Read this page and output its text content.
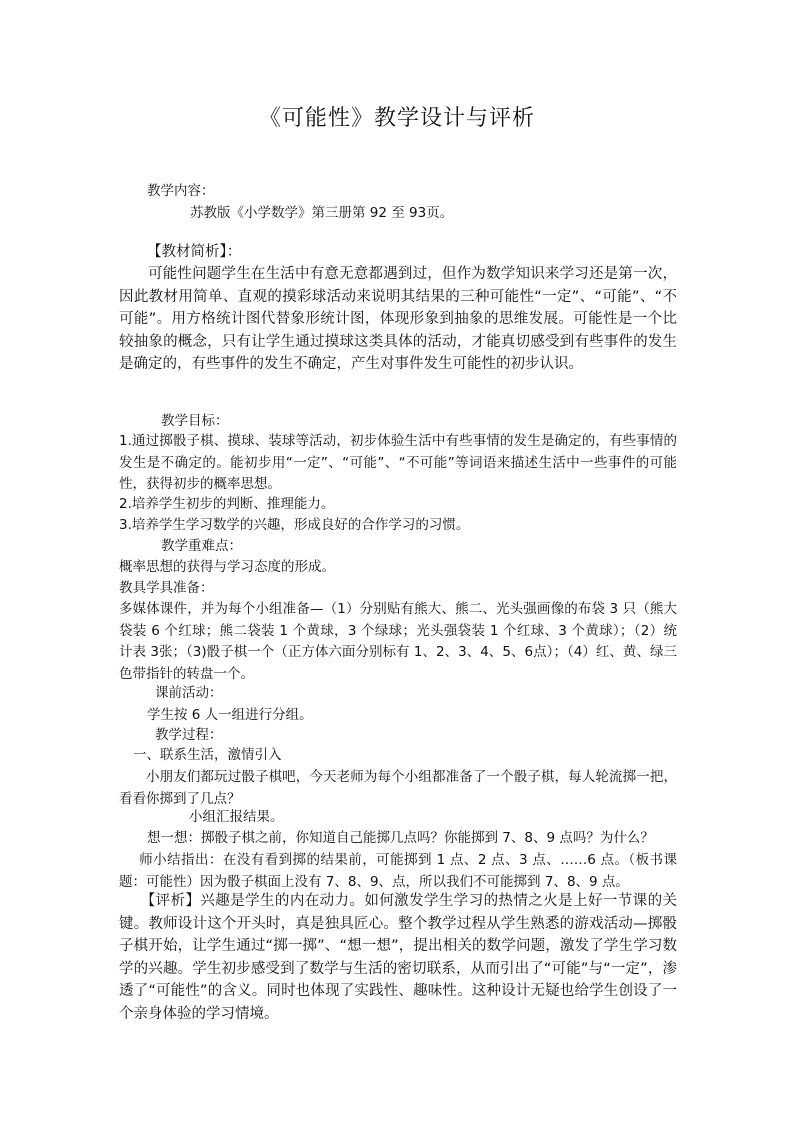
《可能性》教学设计与评析
教学内容：
苏教版《小学数学》第三册第 92 至 93页。
【教材简析】：
可能性问题学生在生活中有意无意都遇到过，但作为数学知识来学习还是第一次，因此教材用简单、直观的摸彩球活动来说明其结果的三种可能性“一定”、“可能”、“不可能”。用方格统计图代替象形统计图，体现形象到抽象的思维发展。可能性是一个比较抽象的概念，只有让学生通过摸球这类具体的活动，才能真切感受到有些事件的发生是确定的，有些事件的发生不确定，产生对事件发生可能性的初步认识。
教学目标：
1.通过掷骰子棋、摸球、装球等活动，初步体验生活中有些事情的发生是确定的，有些事情的发生是不确定的。能初步用“一定”、“可能”、“不可能”等词语来描述生活中一些事件的可能性，获得初步的概率思想。
2.培养学生初步的判断、推理能力。
3.培养学生学习数学的兴趣，形成良好的合作学习的习惯。
教学重难点：
概率思想的获得与学习态度的形成。
教具学具准备：
多媒体课件，并为每个小组准备—（1）分别贴有熊大、熊二、光头强画像的布袋 3 只（熊大袋装 6 个红球；熊二袋装 1 个黄球，3 个绿球；光头强袋装 1 个红球、3 个黄球）；（2）统计表 3张；（3)骰子棋一个（正方体六面分别标有 1、2、3、4、5、6点）；（4）红、黄、绿三色带指针的转盘一个。
课前活动：
学生按 6 人一组进行分组。
教学过程：
一、联系生活，激情引入
小朋友们都玩过骰子棋吧，今天老师为每个小组都准备了一个骰子棋，每人轮流掷一把，看看你掷到了几点？
小组汇报结果。
想一想：掷骰子棋之前，你知道自己能掷几点吗？你能掷到 7、8、9 点吗？为什么？
师小结指出：在没有看到掷的结果前，可能掷到 1 点、2 点、3 点、……6 点。（板书课题：可能性）因为骰子棋面上没有 7、8、9、点，所以我们不可能掷到 7、8、9 点。
【评析】兴趣是学生的内在动力。如何激发学生学习的热情之火是上好一节课的关键。教师设计这个开头时，真是独具匠心。整个教学过程从学生熟悉的游戏活动—掷骰子棋开始，让学生通过“掷一掷”、“想一想”，提出相关的数学问题，激发了学生学习数学的兴趣。学生初步感受到了数学与生活的密切联系，从而引出了“可能”与“一定”，渗透了“可能性”的含义。同时也体现了实践性、趣味性。这种设计无疑也给学生创设了一个亲身体验的学习情境。
